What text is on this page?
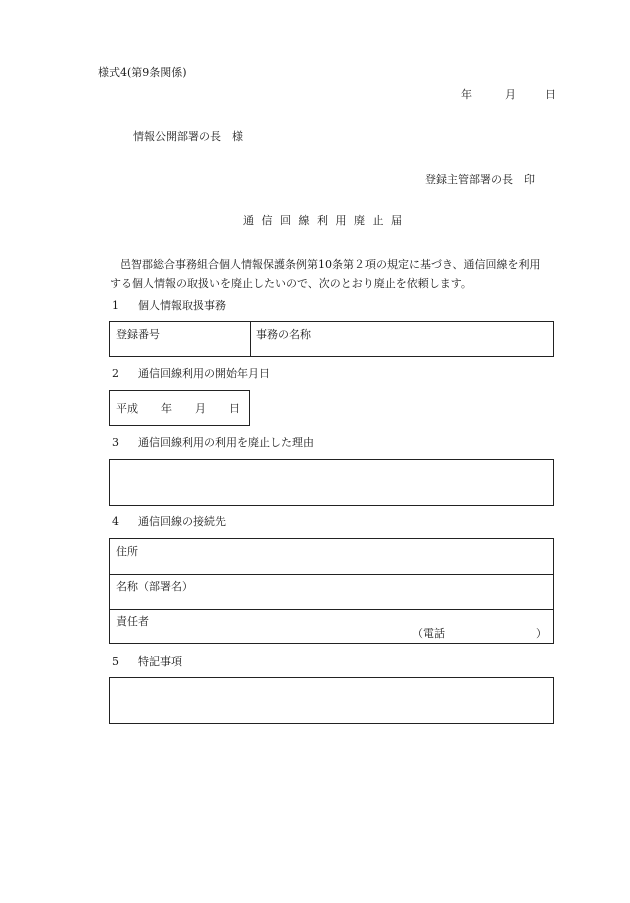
様式4(第9条関係)
年	月	日
情報公開部署の長　様
登録主管部署の長　印
通 信 回 線 利 用 廃 止 届
邑智郡総合事務組合個人情報保護条例第10条第２項の規定に基づき、通信回線を利用
する個人情報の取扱いを廃止したいので、次のとおり廃止を依頼します。
1 個人情報取扱事務
登録番号	事務の名称
2 通信回線利用の開始年月日
平成 年 月 日
3 通信回線利用の利用を廃止した理由
4 通信回線の接続先
住所
名称（部署名）
責任者
（電話	）
5 特記事項
